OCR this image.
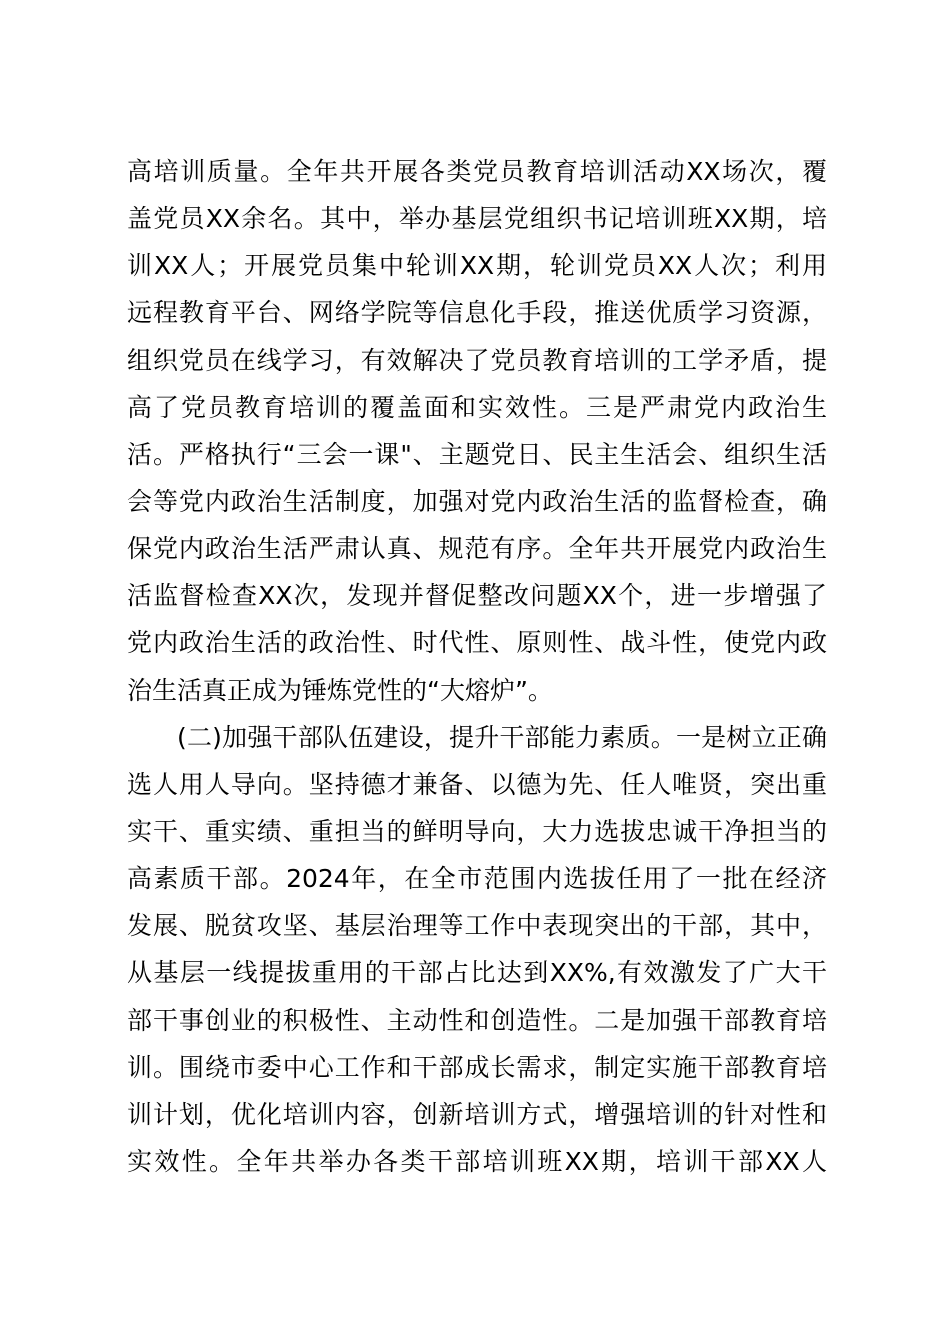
高培训质量。全年共开展各类党员教育培训活动XX场次，覆
盖党员XX余名。其中，举办基层党组织书记培训班XX期，培
训XX人；开展党员集中轮训XX期，轮训党员XX人次；利用
远程教育平台、网络学院等信息化手段，推送优质学习资源，
组织党员在线学习，有效解决了党员教育培训的工学矛盾，提
高了党员教育培训的覆盖面和实效性。三是严肃党内政治生
活。严格执行“三会一课"、主题党日、民主生活会、组织生活
会等党内政治生活制度，加强对党内政治生活的监督检查，确
保党内政治生活严肃认真、规范有序。全年共开展党内政治生
活监督检查XX次，发现并督促整改问题XX个，进一步增强了
党内政治生活的政治性、时代性、原则性、战斗性，使党内政
治生活真正成为锤炼党性的“大熔炉”。
(二)加强干部队伍建设，提升干部能力素质。一是树立正确
选人用人导向。坚持德才兼备、以德为先、任人唯贤，突出重
实干、重实绩、重担当的鲜明导向，大力选拔忠诚干净担当的
高素质干部。2024年，在全市范围内选拔任用了一批在经济
发展、脱贫攻坚、基层治理等工作中表现突出的干部，其中，
从基层一线提拔重用的干部占比达到XX%,有效激发了广大干
部干事创业的积极性、主动性和创造性。二是加强干部教育培
训。围绕市委中心工作和干部成长需求，制定实施干部教育培
训计划，优化培训内容，创新培训方式，增强培训的针对性和
实效性。全年共举办各类干部培训班XX期，培训干部XX人
